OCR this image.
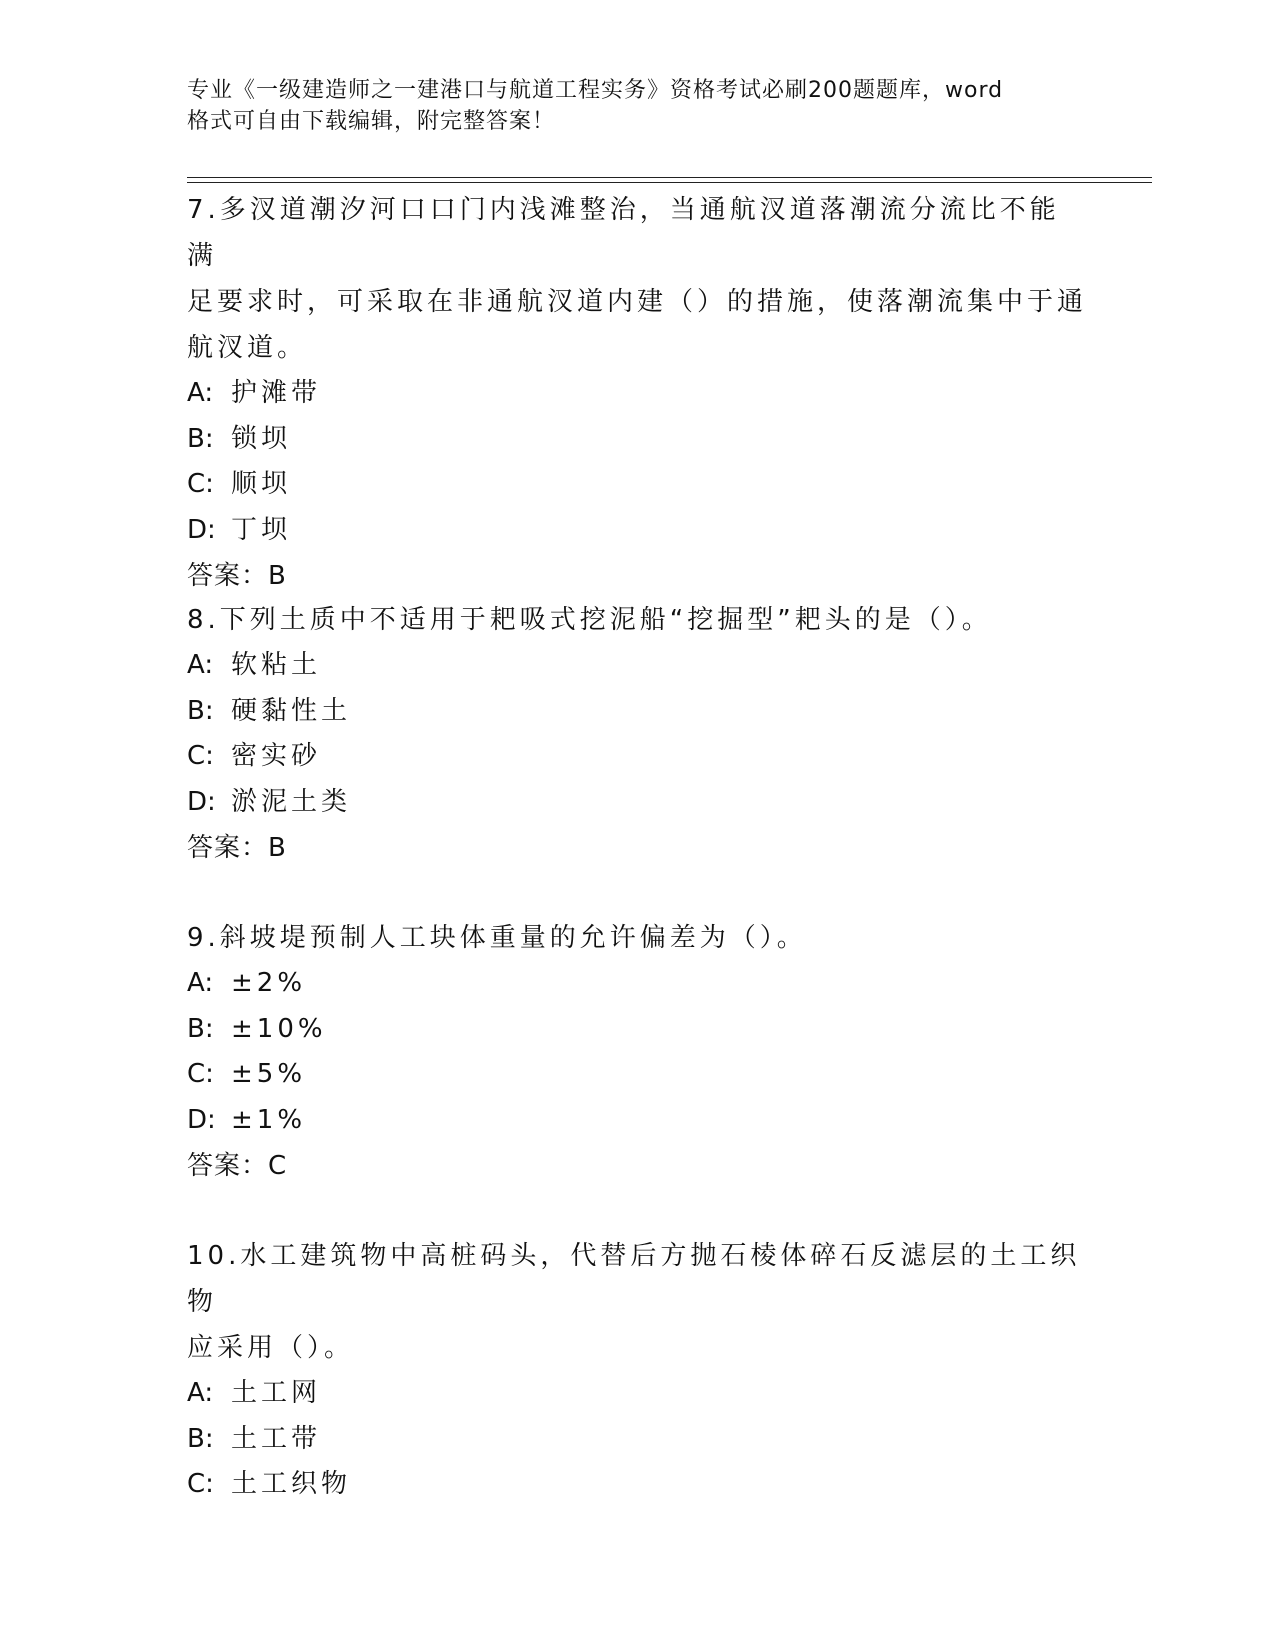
专业《一级建造师之一建港口与航道工程实务》资格考试必刷200题题库，word
格式可自由下载编辑，附完整答案！

7.多汊道潮汐河口口门内浅滩整治，当通航汊道落潮流分流比不能满
足要求时，可采取在非通航汊道内建（）的措施，使落潮流集中于通
航汊道。

A: 护滩带

B: 锁坝

C: 顺坝

D: 丁坝

答案：B

8.下列土质中不适用于耙吸式挖泥船“挖掘型”耙头的是（）。

A: 软粘土

B: 硬黏性土

C: 密实砂

D: 淤泥土类

答案：B

9.斜坡堤预制人工块体重量的允许偏差为（）。

A: ±2%

B: ±10%

C: ±5%

D: ±1%

答案：C

10.水工建筑物中高桩码头，代替后方抛石棱体碎石反滤层的土工织物
应采用（）。

A: 土工网

B: 土工带

C: 土工织物
